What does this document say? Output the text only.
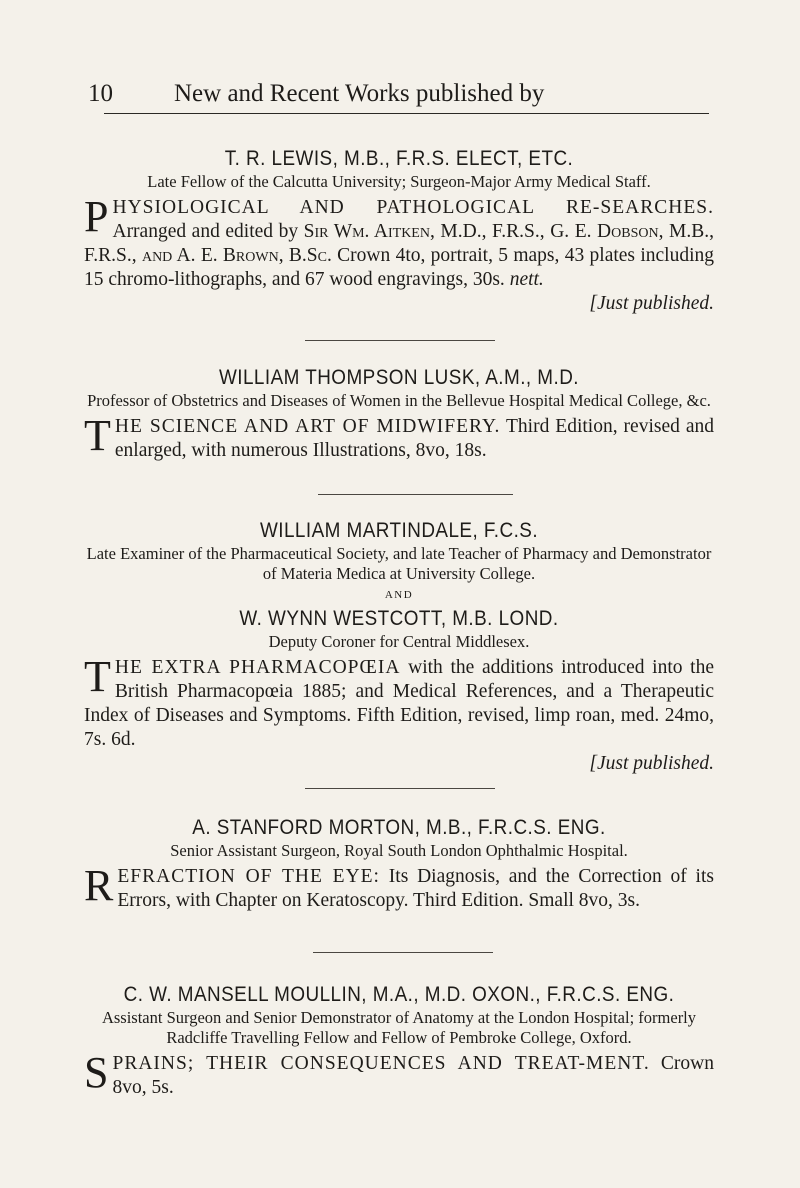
10 New and Recent Works published by
T. R. LEWIS, M.B., F.R.S. ELECT, ETC.
Late Fellow of the Calcutta University; Surgeon-Major Army Medical Staff.
PHYSIOLOGICAL AND PATHOLOGICAL RE-SEARCHES. Arranged and edited by Sir Wm. Aitken, M.D., F.R.S., G. E. Dobson, M.B., F.R.S., and A. E. Brown, B.Sc. Crown 4to, portrait, 5 maps, 43 plates including 15 chromo-lithographs, and 67 wood engravings, 30s. nett.
[Just published.
WILLIAM THOMPSON LUSK, A.M., M.D.
Professor of Obstetrics and Diseases of Women in the Bellevue Hospital Medical College, &c.
THE SCIENCE AND ART OF MIDWIFERY. Third Edition, revised and enlarged, with numerous Illustrations, 8vo, 18s.
WILLIAM MARTINDALE, F.C.S.
Late Examiner of the Pharmaceutical Society, and late Teacher of Pharmacy and Demonstrator of Materia Medica at University College.
AND
W. WYNN WESTCOTT, M.B. LOND.
Deputy Coroner for Central Middlesex.
THE EXTRA PHARMACOPŒIA with the additions introduced into the British Pharmacopœia 1885; and Medical References, and a Therapeutic Index of Diseases and Symptoms. Fifth Edition, revised, limp roan, med. 24mo, 7s. 6d.
[Just published.
A. STANFORD MORTON, M.B., F.R.C.S. ENG.
Senior Assistant Surgeon, Royal South London Ophthalmic Hospital.
REFRACTION OF THE EYE: Its Diagnosis, and the Correction of its Errors, with Chapter on Keratoscopy. Third Edition. Small 8vo, 3s.
C. W. MANSELL MOULLIN, M.A., M.D. OXON., F.R.C.S. ENG.
Assistant Surgeon and Senior Demonstrator of Anatomy at the London Hospital; formerly Radcliffe Travelling Fellow and Fellow of Pembroke College, Oxford.
SPRAINS; THEIR CONSEQUENCES AND TREAT-MENT. Crown 8vo, 5s.
